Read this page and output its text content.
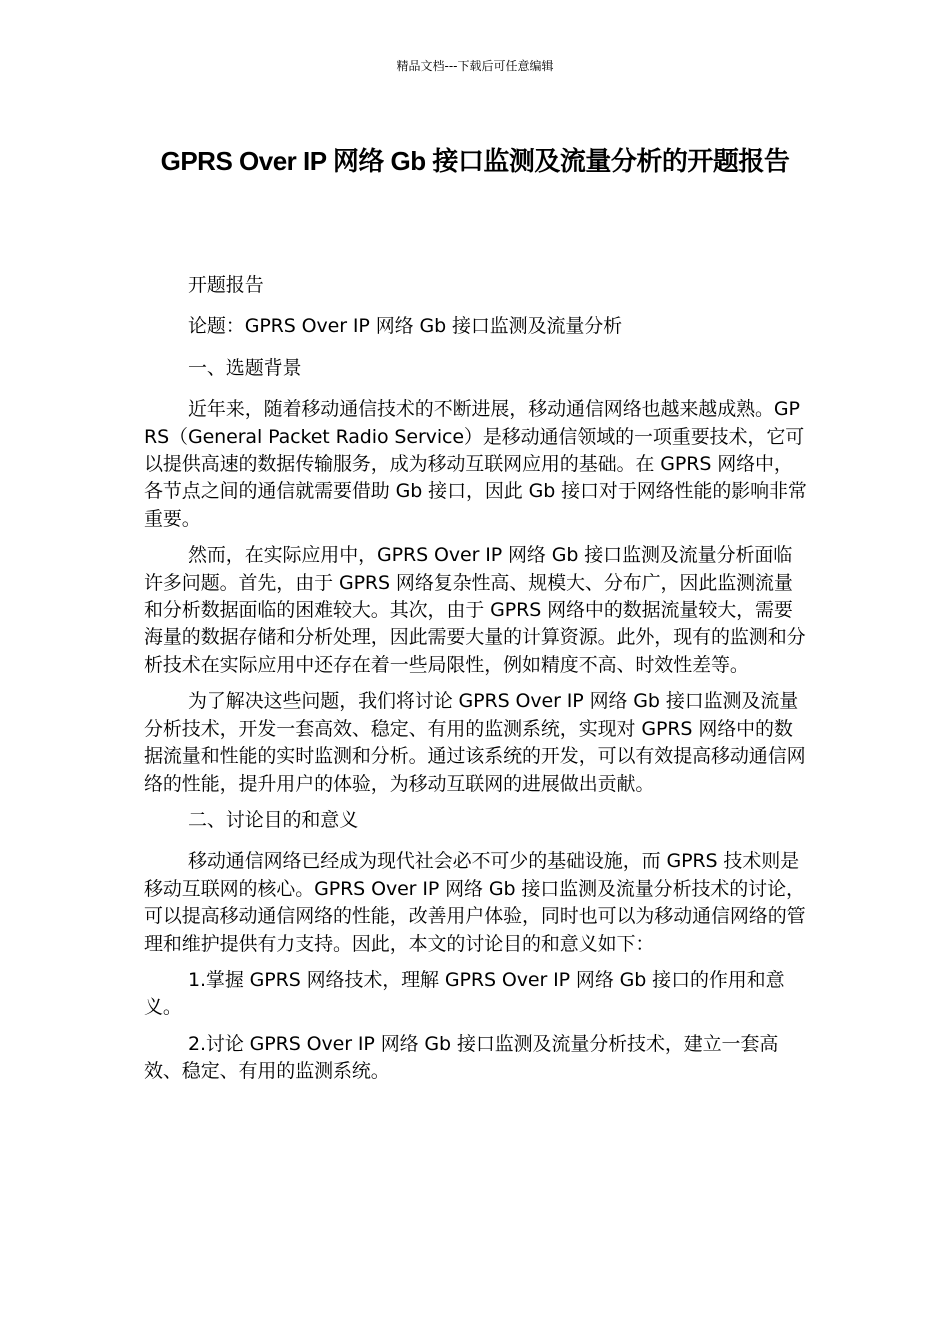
精品文档---下载后可任意编辑
GPRS Over IP 网络 Gb 接口监测及流量分析的开题报告

开题报告

论题：GPRS Over IP 网络 Gb 接口监测及流量分析

一、选题背景

近年来，随着移动通信技术的不断进展，移动通信网络也越来越成熟。GPRS（General Packet Radio Service）是移动通信领域的一项重要技术，它可以提供高速的数据传输服务，成为移动互联网应用的基础。在 GPRS 网络中，各节点之间的通信就需要借助 Gb 接口，因此 Gb 接口对于网络性能的影响非常重要。

然而，在实际应用中，GPRS Over IP 网络 Gb 接口监测及流量分析面临许多问题。首先，由于 GPRS 网络复杂性高、规模大、分布广，因此监测流量和分析数据面临的困难较大。其次，由于 GPRS 网络中的数据流量较大，需要海量的数据存储和分析处理，因此需要大量的计算资源。此外，现有的监测和分析技术在实际应用中还存在着一些局限性，例如精度不高、时效性差等。

为了解决这些问题，我们将讨论 GPRS Over IP 网络 Gb 接口监测及流量分析技术，开发一套高效、稳定、有用的监测系统，实现对 GPRS 网络中的数据流量和性能的实时监测和分析。通过该系统的开发，可以有效提高移动通信网络的性能，提升用户的体验，为移动互联网的进展做出贡献。

二、讨论目的和意义

移动通信网络已经成为现代社会必不可少的基础设施，而 GPRS 技术则是移动互联网的核心。GPRS Over IP 网络 Gb 接口监测及流量分析技术的讨论，可以提高移动通信网络的性能，改善用户体验，同时也可以为移动通信网络的管理和维护提供有力支持。因此，本文的讨论目的和意义如下：

1.掌握 GPRS 网络技术，理解 GPRS Over IP 网络 Gb 接口的作用和意义。

2.讨论 GPRS Over IP 网络 Gb 接口监测及流量分析技术，建立一套高效、稳定、有用的监测系统。
